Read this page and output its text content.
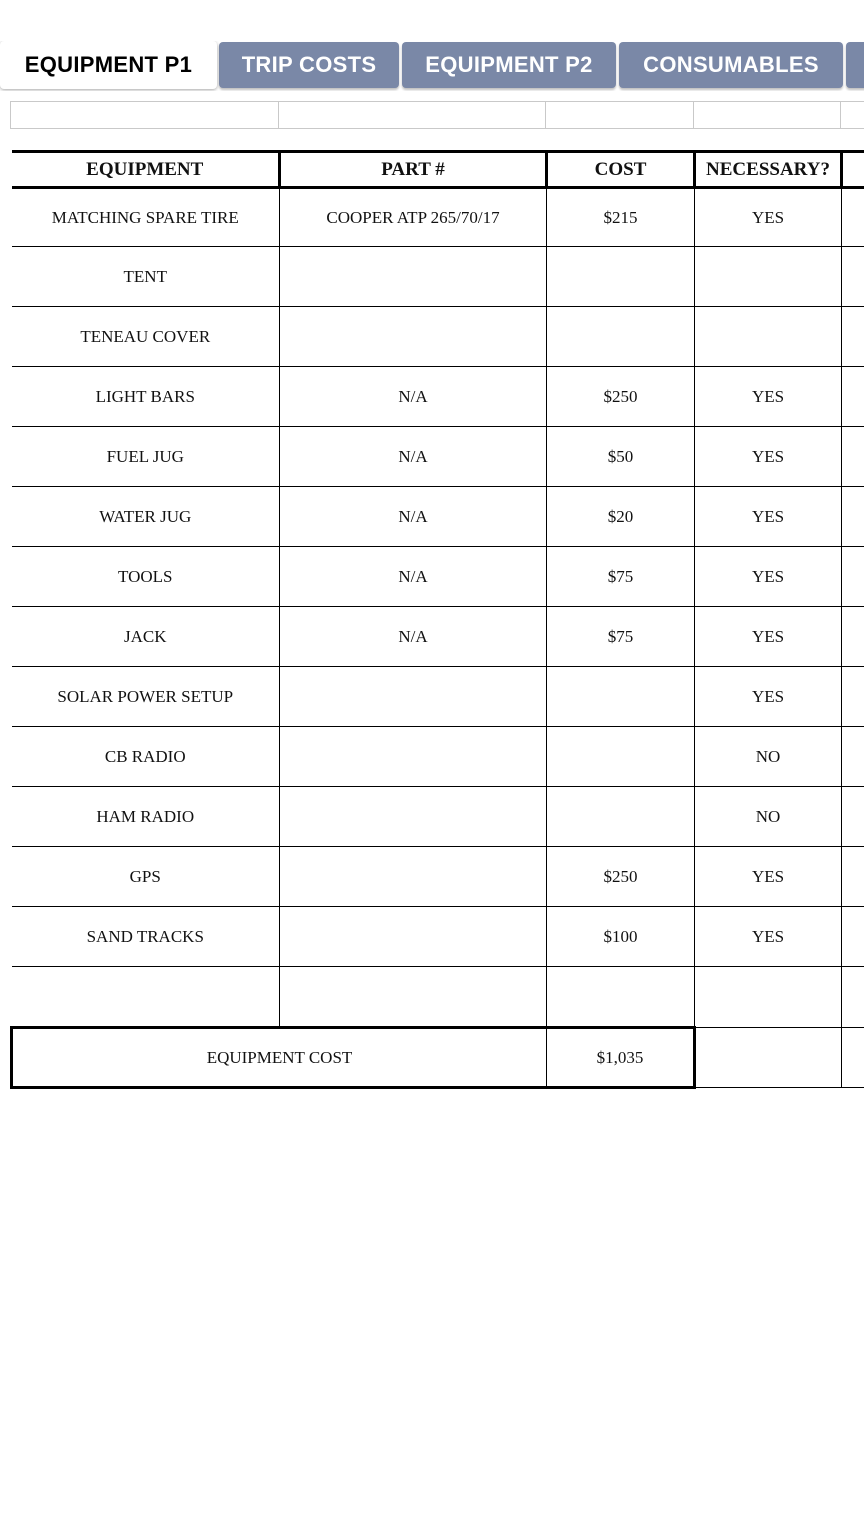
EQUIPMENT P1	TRIP COSTS	EQUIPMENT P2	CONSUMABLES
EQUIPMENT	PART #	COST	NECESSARY?	
MATCHING SPARE TIRE	COOPER ATP 265/70/17	$215	YES	
TENT				
TENEAU COVER				
LIGHT BARS	N/A	$250	YES	
FUEL JUG	N/A	$50	YES	
WATER JUG	N/A	$20	YES	
TOOLS	N/A	$75	YES	
JACK	N/A	$75	YES	
SOLAR POWER SETUP			YES	
CB RADIO			NO	
HAM RADIO			NO	
GPS		$250	YES	
SAND TRACKS		$100	YES	

EQUIPMENT COST		$1,035		
